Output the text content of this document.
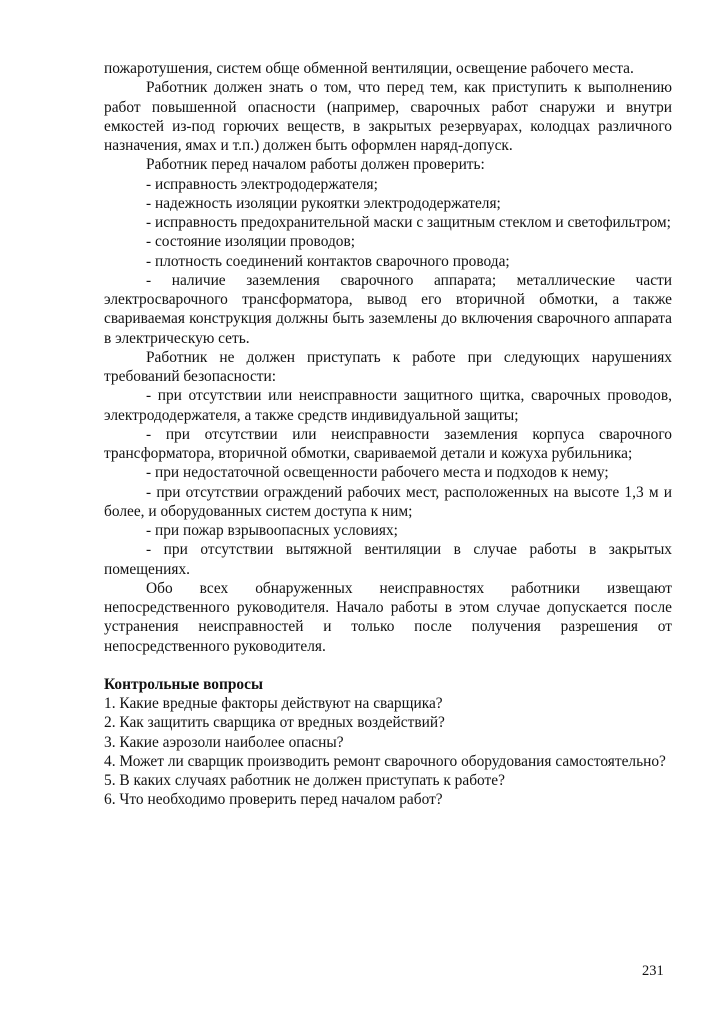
пожаротушения, систем обще обменной вентиляции, освещение рабочего места.

Работник должен знать о том, что перед тем, как приступить к выполнению работ повышенной опасности (например, сварочных работ снаружи и внутри емкостей из-под горючих веществ, в закрытых резервуарах, колодцах различного назначения, ямах и т.п.) должен быть оформлен наряд-допуск.

Работник перед началом работы должен проверить:

- исправность электрододержателя;

- надежность изоляции рукоятки электрододержателя;

- исправность предохранительной маски с защитным стеклом и светофильтром;

- состояние изоляции проводов;

- плотность соединений контактов сварочного провода;

- наличие заземления сварочного аппарата; металлические части электросварочного трансформатора, вывод его вторичной обмотки, а также свариваемая конструкция должны быть заземлены до включения сварочного аппарата в электрическую сеть.

Работник не должен приступать к работе при следующих нарушениях требований безопасности:

- при отсутствии или неисправности защитного щитка, сварочных проводов, электрододержателя, а также средств индивидуальной защиты;

- при отсутствии или неисправности заземления корпуса сварочного трансформатора, вторичной обмотки, свариваемой детали и кожуха рубильника;

- при недостаточной освещенности рабочего места и подходов к нему;

- при отсутствии ограждений рабочих мест, расположенных на высоте 1,3 м и более, и оборудованных систем доступа к ним;

- при пожар взрывоопасных условиях;

- при отсутствии вытяжной вентиляции в случае работы в закрытых помещениях.

Обо всех обнаруженных неисправностях работники извещают непосредственного руководителя. Начало работы в этом случае допускается после устранения неисправностей и только после получения разрешения от непосредственного руководителя.

Контрольные вопросы

1. Какие вредные факторы действуют на сварщика?

2. Как защитить сварщика от вредных воздействий?

3. Какие аэрозоли наиболее опасны?

4. Может ли сварщик производить ремонт сварочного оборудования самостоятельно?

5. В каких случаях работник не должен приступать к работе?

6. Что необходимо проверить перед началом работ?

231
